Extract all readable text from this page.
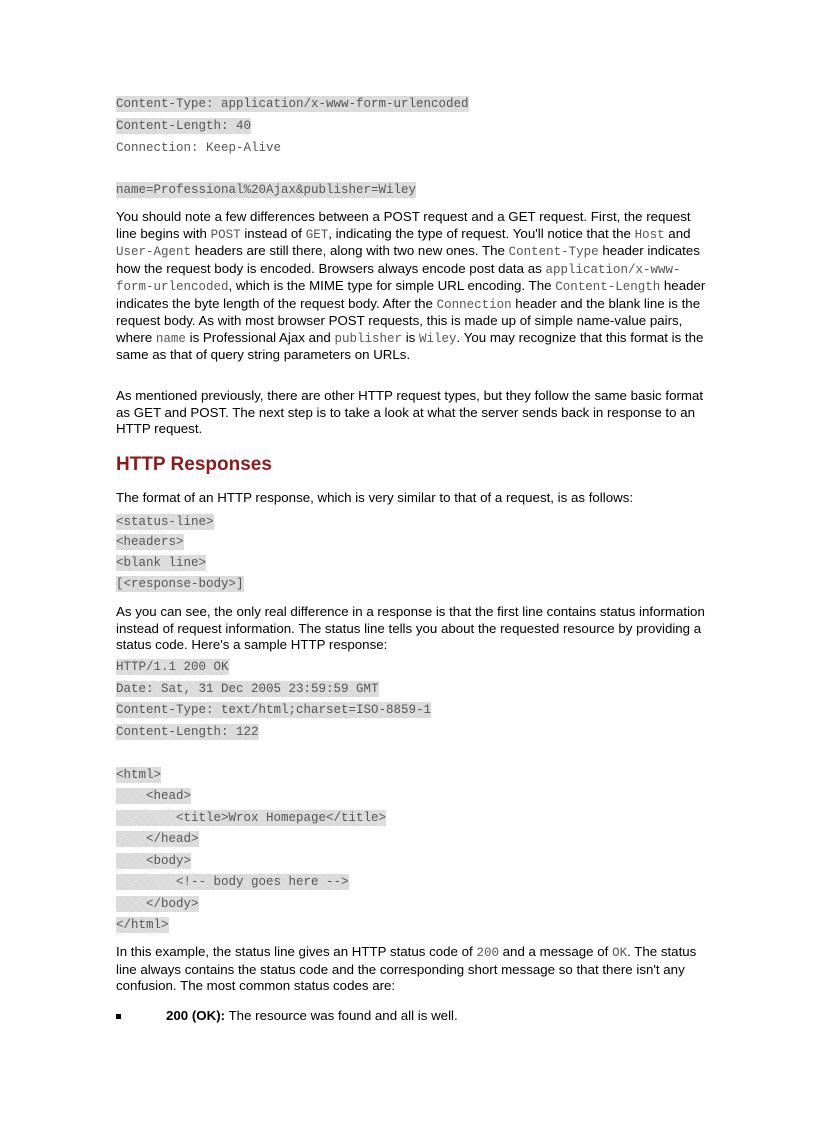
Content-Type: application/x-www-form-urlencoded
Content-Length: 40
Connection: Keep-Alive
name=Professional%20Ajax&publisher=Wiley

You should note a few differences between a POST request and a GET request. First, the request line begins with POST instead of GET, indicating the type of request. You'll notice that the Host and User-Agent headers are still there, along with two new ones. The Content-Type header indicates how the request body is encoded. Browsers always encode post data as application/x-www-form-urlencoded, which is the MIME type for simple URL encoding. The Content-Length header indicates the byte length of the request body. After the Connection header and the blank line is the request body. As with most browser POST requests, this is made up of simple name-value pairs, where name is Professional Ajax and publisher is Wiley. You may recognize that this format is the same as that of query string parameters on URLs.

As mentioned previously, there are other HTTP request types, but they follow the same basic format as GET and POST. The next step is to take a look at what the server sends back in response to an HTTP request.

HTTP Responses

The format of an HTTP response, which is very similar to that of a request, is as follows:

<status-line>
<headers>
<blank line>
[<response-body>]

As you can see, the only real difference in a response is that the first line contains status information instead of request information. The status line tells you about the requested resource by providing a status code. Here's a sample HTTP response:

HTTP/1.1 200 OK
Date: Sat, 31 Dec 2005 23:59:59 GMT
Content-Type: text/html;charset=ISO-8859-1
Content-Length: 122
<html>
<head>
<title>Wrox Homepage</title>
</head>
<body>
<!-- body goes here -->
</body>
</html>

In this example, the status line gives an HTTP status code of 200 and a message of OK. The status line always contains the status code and the corresponding short message so that there isn't any confusion. The most common status codes are:

200 (OK): The resource was found and all is well.
